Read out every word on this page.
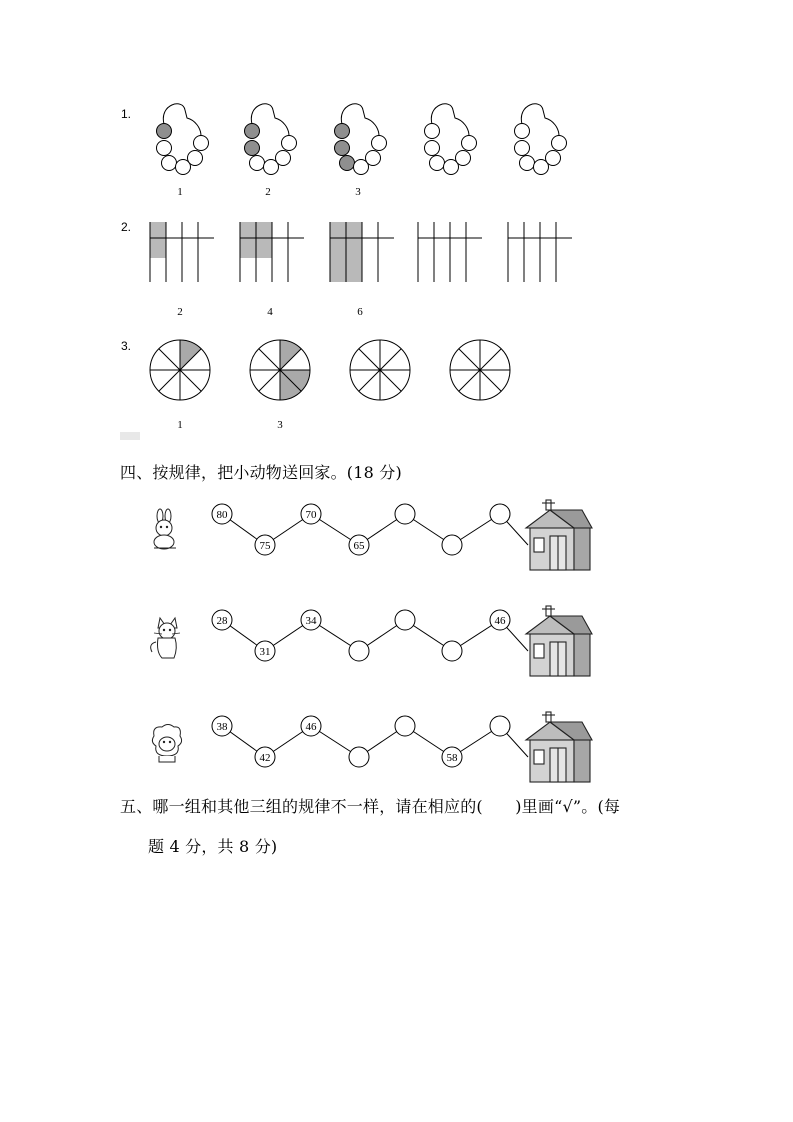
1.
1	2	3
2.
2	4	6
3.
1	3
四、按规律，把小动物送回家。(18 分)
80
75
70
65
28
31
34	46
38
42
46
58
五、哪一组和其他三组的规律不一样，请在相应的(　　)里画“√”。(每
题 4 分，共 8 分)
